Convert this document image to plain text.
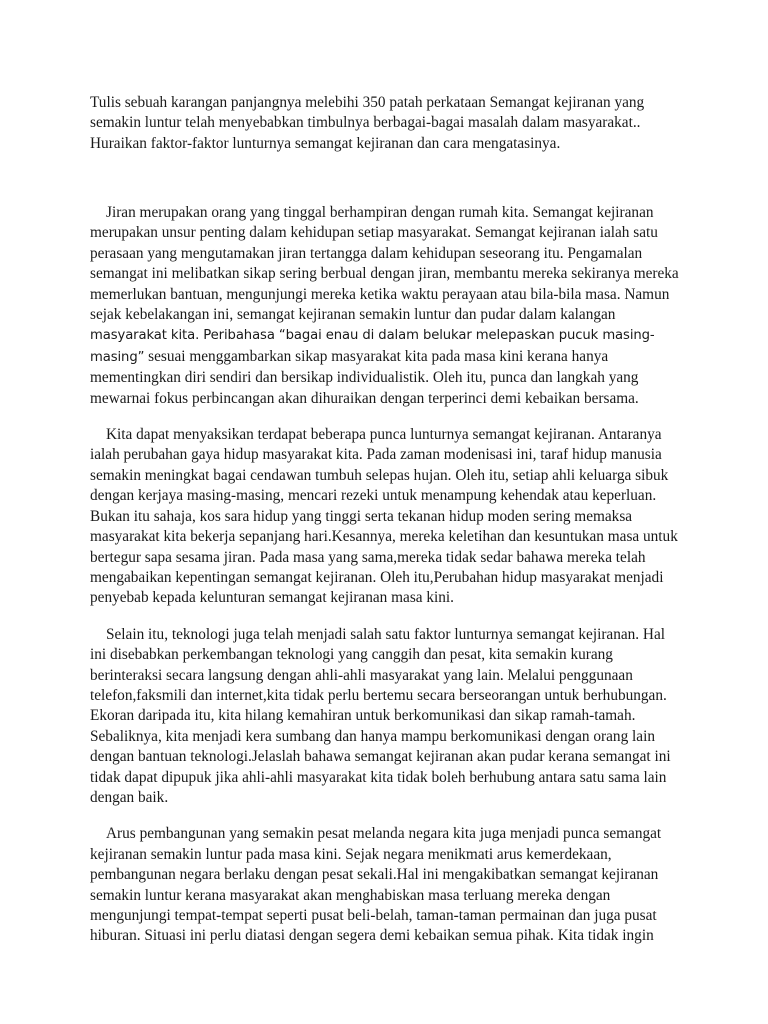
Tulis sebuah karangan panjangnya melebihi 350 patah perkataan Semangat kejiranan yang semakin luntur telah menyebabkan timbulnya berbagai-bagai masalah dalam masyarakat.. Huraikan faktor-faktor lunturnya semangat kejiranan dan cara mengatasinya.

Jiran merupakan orang yang tinggal berhampiran dengan rumah kita. Semangat kejiranan merupakan unsur penting dalam kehidupan setiap masyarakat. Semangat kejiranan ialah satu perasaan yang mengutamakan jiran tertangga dalam kehidupan seseorang itu. Pengamalan semangat ini melibatkan sikap sering berbual dengan jiran, membantu mereka sekiranya mereka memerlukan bantuan, mengunjungi mereka ketika waktu perayaan atau bila-bila masa. Namun sejak kebelakangan ini, semangat kejiranan semakin luntur dan pudar dalam kalangan masyarakat kita. Peribahasa “bagai enau di dalam belukar melepaskan pucuk masing-masing” sesuai menggambarkan sikap masyarakat kita pada masa kini kerana hanya mementingkan diri sendiri dan bersikap individualistik. Oleh itu, punca dan langkah yang mewarnai fokus perbincangan akan dihuraikan dengan terperinci demi kebaikan bersama.

Kita dapat menyaksikan terdapat beberapa punca lunturnya semangat kejiranan. Antaranya ialah perubahan gaya hidup masyarakat kita. Pada zaman modenisasi ini, taraf hidup manusia semakin meningkat bagai cendawan tumbuh selepas hujan. Oleh itu, setiap ahli keluarga sibuk dengan kerjaya masing-masing, mencari rezeki untuk menampung kehendak atau keperluan. Bukan itu sahaja, kos sara hidup yang tinggi serta tekanan hidup moden sering memaksa masyarakat kita bekerja sepanjang hari.Kesannya, mereka keletihan dan kesuntukan masa untuk bertegur sapa sesama jiran. Pada masa yang sama,mereka tidak sedar bahawa mereka telah mengabaikan kepentingan semangat kejiranan. Oleh itu,Perubahan hidup masyarakat menjadi penyebab kepada kelunturan semangat kejiranan masa kini.

Selain itu, teknologi juga telah menjadi salah satu faktor lunturnya semangat kejiranan. Hal ini disebabkan perkembangan teknologi yang canggih dan pesat, kita semakin kurang berinteraksi secara langsung dengan ahli-ahli masyarakat yang lain. Melalui penggunaan telefon,faksmili dan internet,kita tidak perlu bertemu secara berseorangan untuk berhubungan. Ekoran daripada itu, kita hilang kemahiran untuk berkomunikasi dan sikap ramah-tamah. Sebaliknya, kita menjadi kera sumbang dan hanya mampu berkomunikasi dengan orang lain dengan bantuan teknologi.Jelaslah bahawa semangat kejiranan akan pudar kerana semangat ini tidak dapat dipupuk jika ahli-ahli masyarakat kita tidak boleh berhubung antara satu sama lain dengan baik.

Arus pembangunan yang semakin pesat melanda negara kita juga menjadi punca semangat kejiranan semakin luntur pada masa kini. Sejak negara menikmati arus kemerdekaan, pembangunan negara berlaku dengan pesat sekali.Hal ini mengakibatkan semangat kejiranan semakin luntur kerana masyarakat akan menghabiskan masa terluang mereka dengan mengunjungi tempat-tempat seperti pusat beli-belah, taman-taman permainan dan juga pusat hiburan. Situasi ini perlu diatasi dengan segera demi kebaikan semua pihak. Kita tidak ingin
